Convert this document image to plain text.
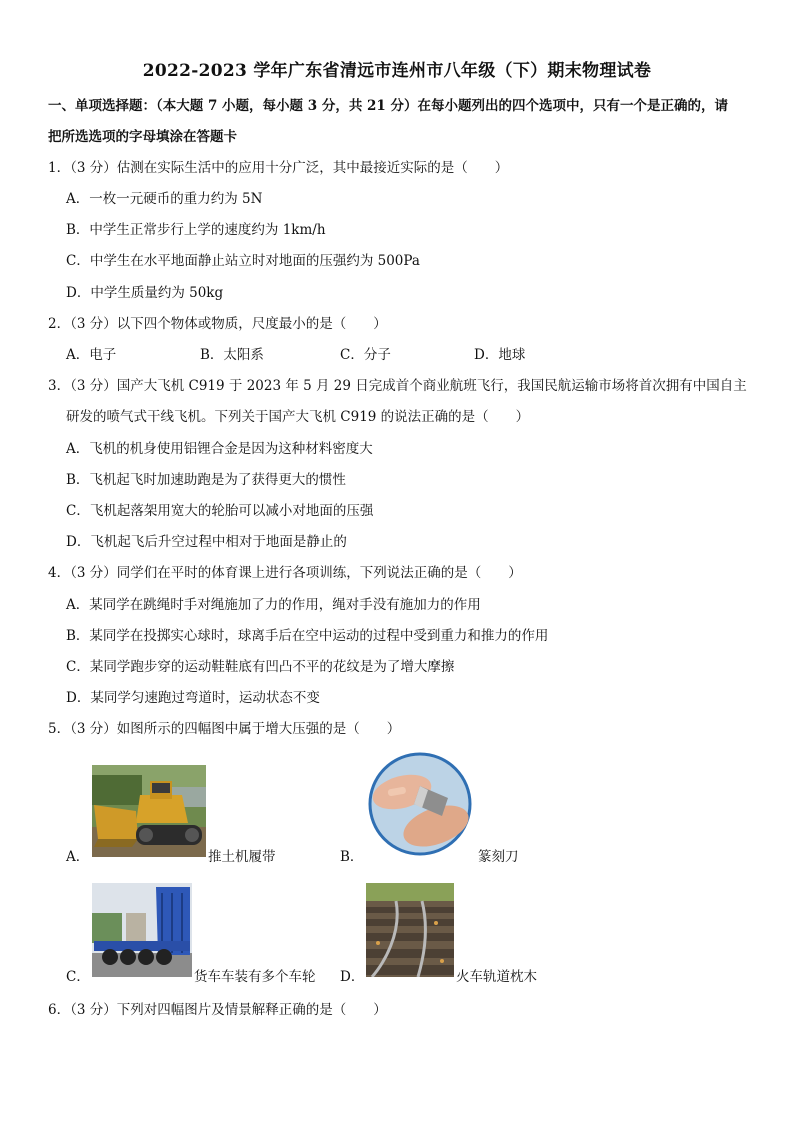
2022-2023 学年广东省清远市连州市八年级（下）期末物理试卷
一、单项选择题：（本大题 7 小题，每小题 3 分，共 21 分）在每小题列出的四个选项中，只有一个是正确的，请
把所选选项的字母填涂在答题卡
1．（3 分）估测在实际生活中的应用十分广泛，其中最接近实际的是（　　）
A．一枚一元硬币的重力约为 5N
B．中学生正常步行上学的速度约为 1km/h
C．中学生在水平地面静止站立时对地面的压强约为 500Pa
D．中学生质量约为 50kg
2．（3 分）以下四个物体或物质，尺度最小的是（　　）
A．电子	B．太阳系	C．分子	D．地球
3．（3 分）国产大飞机 C919 于 2023 年 5 月 29 日完成首个商业航班飞行，我国民航运输市场将首次拥有中国自主
研发的喷气式干线飞机。下列关于国产大飞机 C919 的说法正确的是（　　）
A．飞机的机身使用铝锂合金是因为这种材料密度大
B．飞机起飞时加速助跑是为了获得更大的惯性
C．飞机起落架用宽大的轮胎可以减小对地面的压强
D．飞机起飞后升空过程中相对于地面是静止的
4．（3 分）同学们在平时的体育课上进行各项训练，下列说法正确的是（　　）
A．某同学在跳绳时手对绳施加了力的作用，绳对手没有施加力的作用
B．某同学在投掷实心球时，球离手后在空中运动的过程中受到重力和推力的作用
C．某同学跑步穿的运动鞋鞋底有凹凸不平的花纹是为了增大摩擦
D．某同学匀速跑过弯道时，运动状态不变
5．（3 分）如图所示的四幅图中属于增大压强的是（　　）
A．	推土机履带	B．	篆刻刀
C．	货车车装有多个车轮 D．	火车轨道枕木
6．（3 分）下列对四幅图片及情景解释正确的是（　　）
